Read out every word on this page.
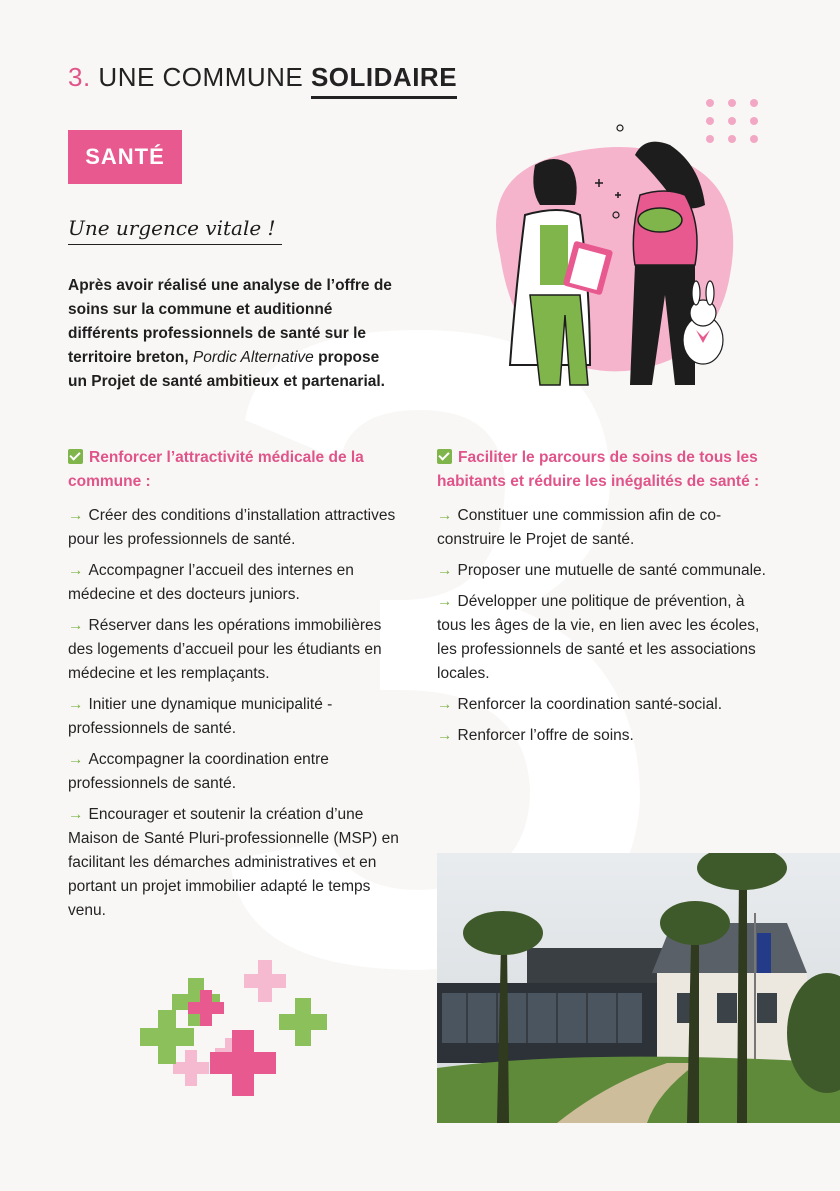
3. UNE COMMUNE SOLIDAIRE
SANTÉ
Une urgence vitale !
Après avoir réalisé une analyse de l’offre de soins sur la commune et auditionné différents professionnels de santé sur le territoire breton, Pordic Alternative propose un Projet de santé ambitieux et partenarial.
Renforcer l’attractivité médicale de la commune :
→ Créer des conditions d’installation attractives pour les professionnels de santé.
→ Accompagner l’accueil des internes en médecine et des docteurs juniors.
→ Réserver dans les opérations immobilières des logements d’accueil pour les étudiants en médecine et les remplaçants.
→ Initier une dynamique municipalité - professionnels de santé.
→ Accompagner la coordination entre professionnels de santé.
→ Encourager et soutenir la création d’une Maison de Santé Pluri-professionnelle (MSP) en facilitant les démarches administratives et en portant un projet immobilier adapté le temps venu.
Faciliter le parcours de soins de tous les habitants et réduire les inégalités de santé :
→ Constituer une commission afin de co-construire le Projet de santé.
→ Proposer une mutuelle de santé communale.
→ Développer une politique de prévention, à tous les âges de la vie, en lien avec les écoles, les professionnels de santé et les associations locales.
→ Renforcer la coordination santé-social.
→ Renforcer l’offre de soins.
